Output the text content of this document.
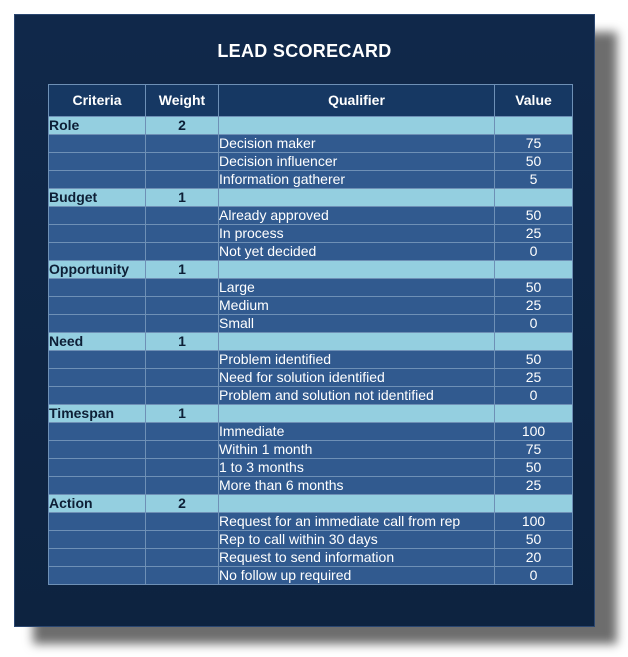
LEAD SCORECARD
Criteria	Weight	Qualifier	Value
Role	2		
		Decision maker	75
		Decision influencer	50
		Information gatherer	5
Budget	1		
		Already approved	50
		In process	25
		Not yet decided	0
Opportunity	1		
		Large	50
		Medium	25
		Small	0
Need	1		
		Problem identified	50
		Need for solution identified	25
		Problem and solution not identified	0
Timespan	1		
		Immediate	100
		Within 1 month	75
		1 to 3 months	50
		More than 6 months	25
Action	2		
		Request for an immediate call from rep	100
		Rep to call within 30 days	50
		Request to send information	20
		No follow up required	0
